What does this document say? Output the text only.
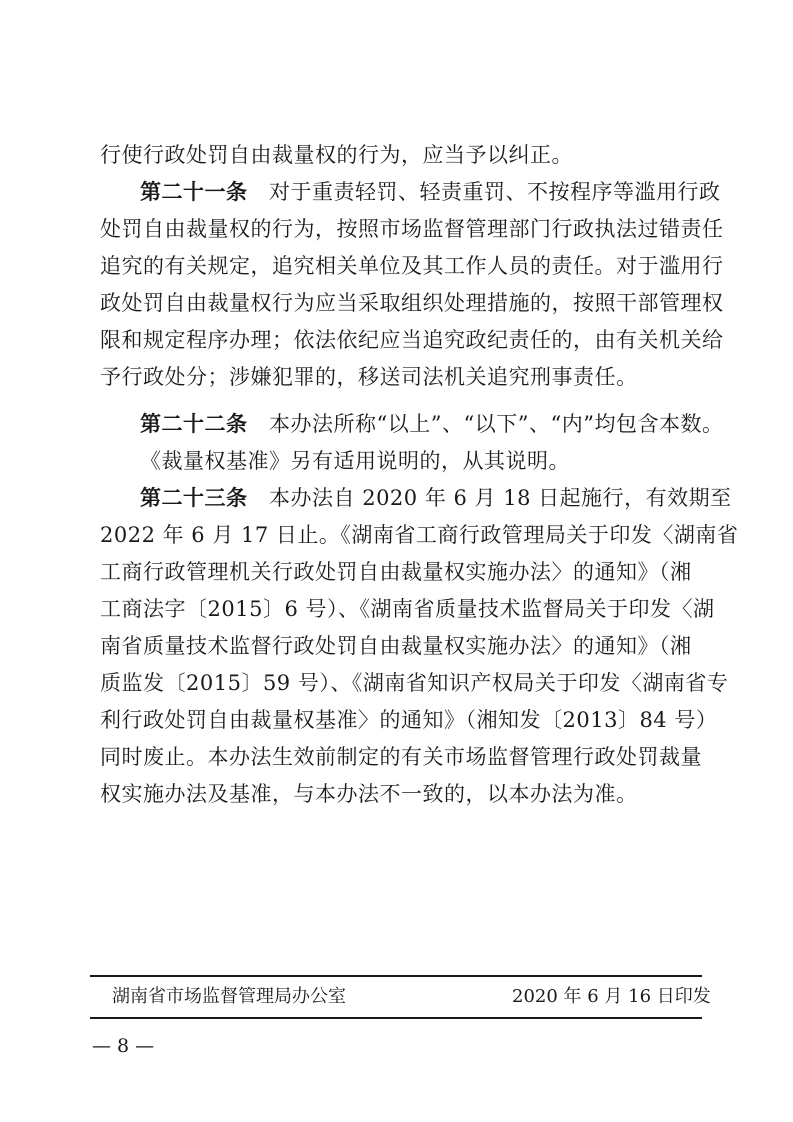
行使行政处罚自由裁量权的行为，应当予以纠正。
第二十一条 对于重责轻罚、轻责重罚、不按程序等滥用行政
处罚自由裁量权的行为，按照市场监督管理部门行政执法过错责任
追究的有关规定，追究相关单位及其工作人员的责任。对于滥用行
政处罚自由裁量权行为应当采取组织处理措施的，按照干部管理权
限和规定程序办理；依法依纪应当追究政纪责任的，由有关机关给
予行政处分；涉嫌犯罪的，移送司法机关追究刑事责任。
第二十二条 本办法所称“以上”、“以下”、“内”均包含本数。
《裁量权基准》另有适用说明的，从其说明。
第二十三条 本办法自 2020 年 6 月 18 日起施行，有效期至
2022 年 6 月 17 日止。《湖南省工商行政管理局关于印发〈湖南省
工商行政管理机关行政处罚自由裁量权实施办法〉的通知》（湘
工商法字〔2015〕6 号）、《湖南省质量技术监督局关于印发〈湖
南省质量技术监督行政处罚自由裁量权实施办法〉的通知》（湘
质监发〔2015〕59 号）、《湖南省知识产权局关于印发〈湖南省专
利行政处罚自由裁量权基准〉的通知》（湘知发〔2013〕84 号）
同时废止。本办法生效前制定的有关市场监督管理行政处罚裁量
权实施办法及基准，与本办法不一致的，以本办法为准。
湖南省市场监督管理局办公室	2020 年 6 月 16 日印发
— 8 —
